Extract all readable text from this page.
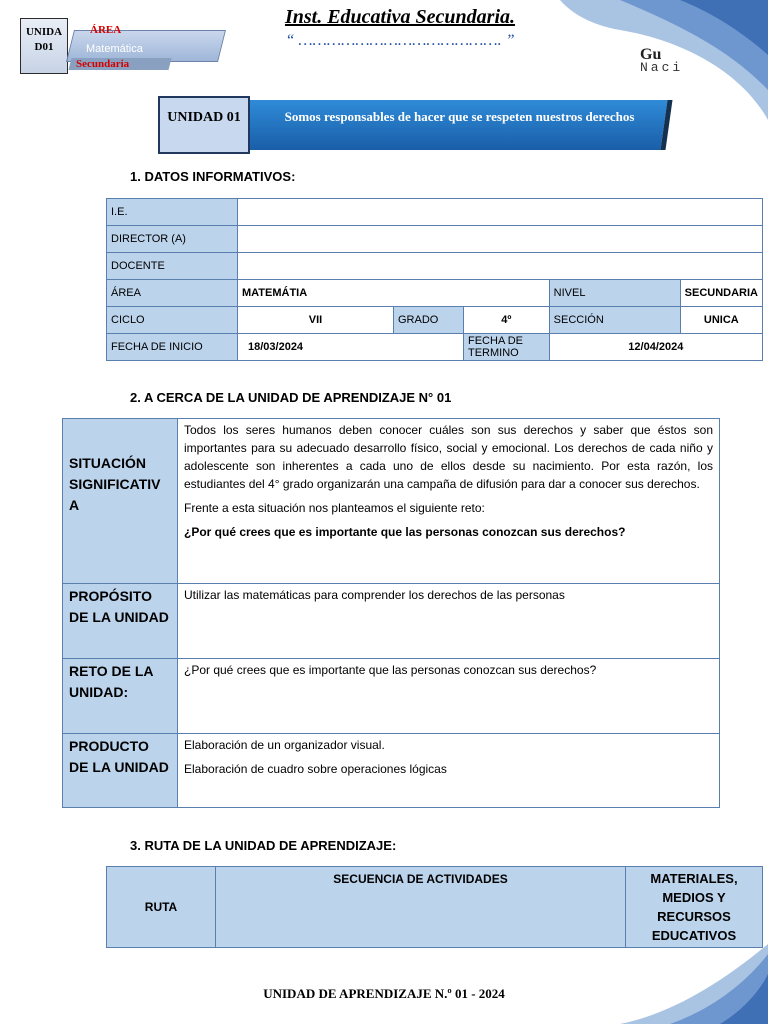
UNIDA D01
ÁREA
Matemática
Secundaria
Inst. Educativa Secundaria.
“ ……………………………………. ”
Gu
Naci
UNIDAD 01	Somos responsables de hacer que se respeten nuestros derechos
1. DATOS INFORMATIVOS:
I.E.					
DIRECTOR (A)					
DOCENTE					
ÁREA	MATEMÁTIA			NIVEL	SECUNDARIA
CICLO	VII	GRADO	4º	SECCIÓN	UNICA
FECHA DE INICIO	18/03/2024		FECHA DE TERMINO	12/04/2024	
2. A CERCA DE LA UNIDAD DE APRENDIZAJE N° 01
SITUACIÓN SIGNIFICATIV A	Todos los seres humanos deben conocer cuáles son sus derechos y saber que éstos son importantes para su adecuado desarrollo físico, social y emocional. Los derechos de cada niño y adolescente son inherentes a cada uno de ellos desde su nacimiento. Por esta razón, los estudiantes del 4° grado organizarán una campaña de difusión para dar a conocer sus derechos.

Frente a esta situación nos planteamos el siguiente reto:

¿Por qué crees que es importante que las personas conozcan sus derechos?

PROPÓSITO DE LA UNIDAD	Utilizar las matemáticas para comprender los derechos de las personas
RETO DE LA UNIDAD:	¿Por qué crees que es importante que las personas conozcan sus derechos?
PRODUCTO DE LA UNIDAD	Elaboración de un organizador visual.

Elaboración de cuadro sobre operaciones lógicas

3. RUTA DE LA UNIDAD DE APRENDIZAJE:
RUTA	SECUENCIA DE ACTIVIDADES	MATERIALES, MEDIOS Y RECURSOS EDUCATIVOS
UNIDAD DE APRENDIZAJE N.º 01 - 2024
